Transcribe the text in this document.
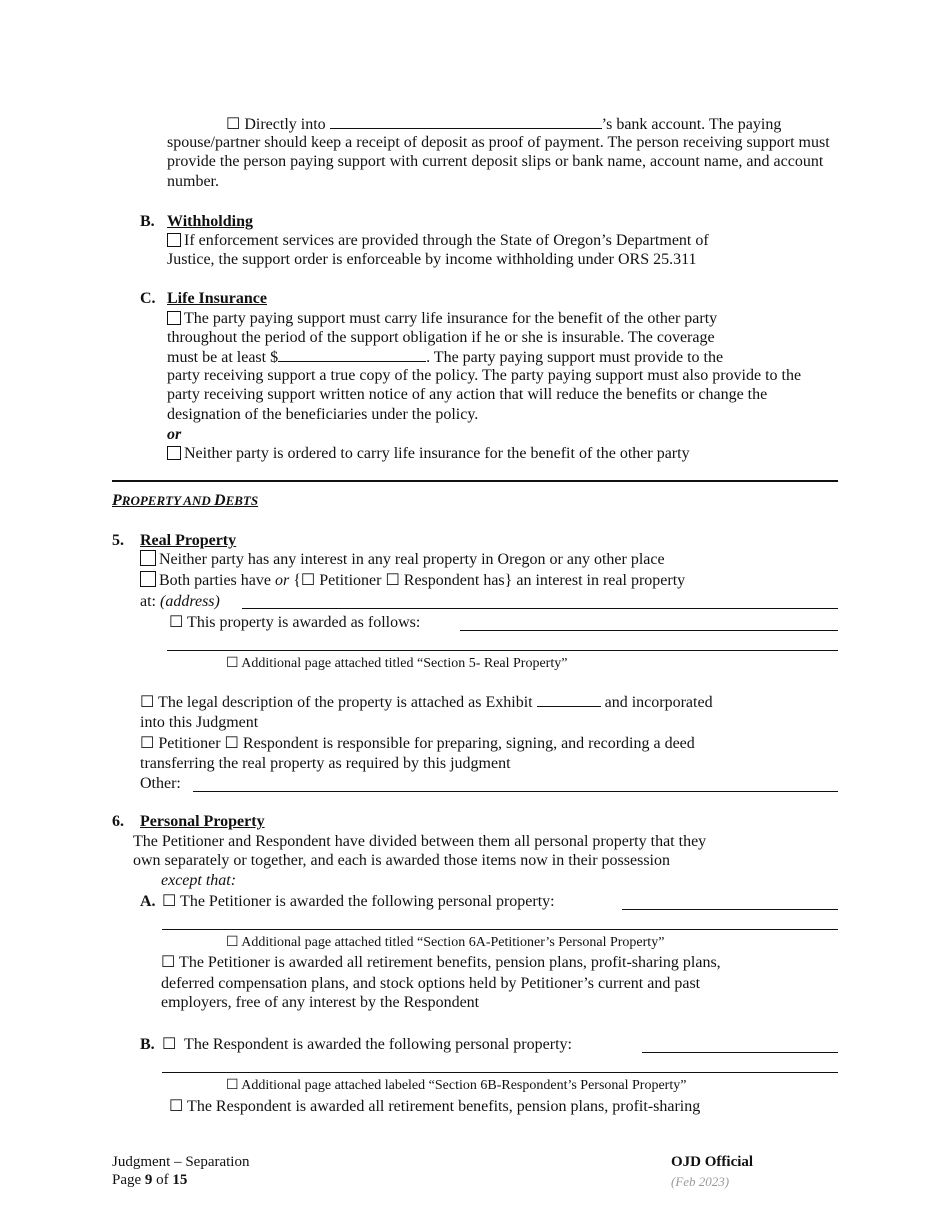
☐ Directly into	’s bank account. The paying
spouse/partner should keep a receipt of deposit as proof of payment. The person receiving support must provide the person paying support with current deposit slips or bank name, account name, and account number.
B. Withholding
If enforcement services are provided through the State of Oregon’s Department of
Justice, the support order is enforceable by income withholding under ORS 25.311
C. Life Insurance
The party paying support must carry life insurance for the benefit of the other party
throughout the period of the support obligation if he or she is insurable. The coverage
must be at least $	. The party paying support must provide to the
party receiving support a true copy of the policy. The party paying support must also provide to the party receiving support written notice of any action that will reduce the benefits or change the designation of the beneficiaries under the policy.
or
Neither party is ordered to carry life insurance for the benefit of the other party
PROPERTY AND DEBTS
5. Real Property
Neither party has any interest in any real property in Oregon or any other place
Both parties have or {☐ Petitioner ☐ Respondent has} an interest in real property
at: (address)
☐ This property is awarded as follows:
☐ Additional page attached titled “Section 5- Real Property”
☐ The legal description of the property is attached as Exhibit	and incorporated
into this Judgment
☐ Petitioner ☐ Respondent is responsible for preparing, signing, and recording a deed
transferring the real property as required by this judgment
Other:
6. Personal Property
The Petitioner and Respondent have divided between them all personal property that they
own separately or together, and each is awarded those items now in their possession
except that:
A. ☐ The Petitioner is awarded the following personal property:
☐ Additional page attached titled “Section 6A-Petitioner’s Personal Property”
☐ The Petitioner is awarded all retirement benefits, pension plans, profit-sharing plans,
deferred compensation plans, and stock options held by Petitioner’s current and past
employers, free of any interest by the Respondent
B. ☐  The Respondent is awarded the following personal property:
☐ Additional page attached labeled “Section 6B-Respondent’s Personal Property”
☐ The Respondent is awarded all retirement benefits, pension plans, profit-sharing
Judgment – Separation
Page 9 of 15
OJD Official
(Feb 2023)
